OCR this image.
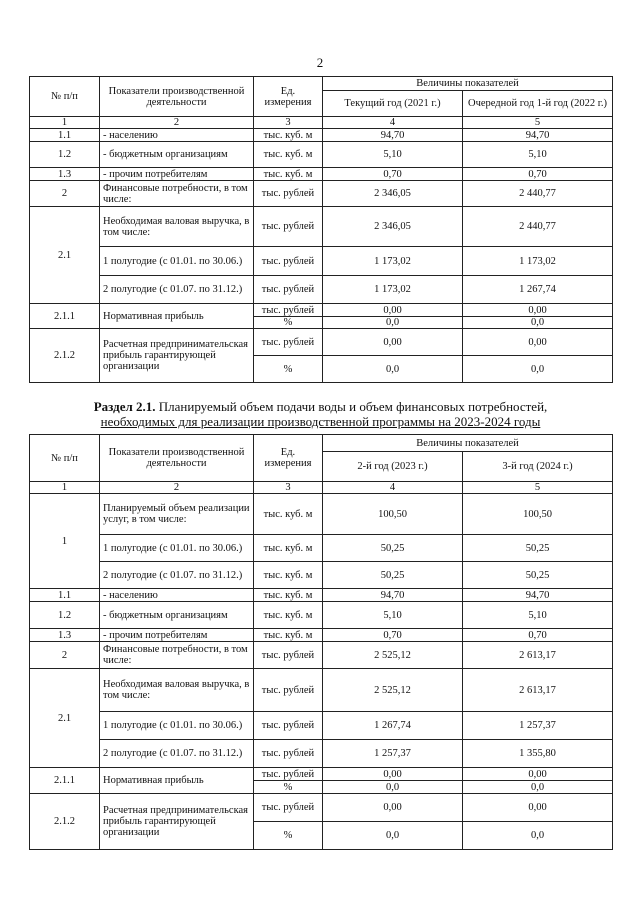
2
№ п/п	Показатели производственной деятельности	Ед. измерения	Величины показателей	
			Текущий год (2021 г.)	Очередной год 1-й год (2022 г.)
1	2	3	4	5
1.1	- населению	тыс. куб. м	94,70	94,70
1.2	- бюджетным организациям	тыс. куб. м	5,10	5,10
1.3	- прочим потребителям	тыс. куб. м	0,70	0,70
2	Финансовые потребности, в том числе:	тыс. рублей	2 346,05	2 440,77
2.1	Необходимая валовая выручка, в том числе:	тыс. рублей	2 346,05	2 440,77
	1 полугодие (с 01.01. по 30.06.)	тыс. рублей	1 173,02	1 173,02
	2 полугодие (с 01.07. по 31.12.)	тыс. рублей	1 173,02	1 267,74
2.1.1	Нормативная прибыль	тыс. рублей	0,00	0,00
		%	0,0	0,0
2.1.2	Расчетная предпринимательская прибыль гарантирующей организации	тыс. рублей	0,00	0,00
		%	0,0	0,0
Раздел 2.1. Планируемый объем подачи воды и объем финансовых потребностей,
необходимых для реализации производственной программы на 2023-2024 годы
№ п/п	Показатели производственной деятельности	Ед. измерения	Величины показателей	
			2-й год (2023 г.)	3-й год (2024 г.)
1	2	3	4	5
1	Планируемый объем реализации услуг, в том числе:	тыс. куб. м	100,50	100,50
	1 полугодие (с 01.01. по 30.06.)	тыс. куб. м	50,25	50,25
	2 полугодие (с 01.07. по 31.12.)	тыс. куб. м	50,25	50,25
1.1	- населению	тыс. куб. м	94,70	94,70
1.2	- бюджетным организациям	тыс. куб. м	5,10	5,10
1.3	- прочим потребителям	тыс. куб. м	0,70	0,70
2	Финансовые потребности, в том числе:	тыс. рублей	2 525,12	2 613,17
2.1	Необходимая валовая выручка, в том числе:	тыс. рублей	2 525,12	2 613,17
	1 полугодие (с 01.01. по 30.06.)	тыс. рублей	1 267,74	1 257,37
	2 полугодие (с 01.07. по 31.12.)	тыс. рублей	1 257,37	1 355,80
2.1.1	Нормативная прибыль	тыс. рублей	0,00	0,00
		%	0,0	0,0
2.1.2	Расчетная предпринимательская прибыль гарантирующей организации	тыс. рублей	0,00	0,00
		%	0,0	0,0
